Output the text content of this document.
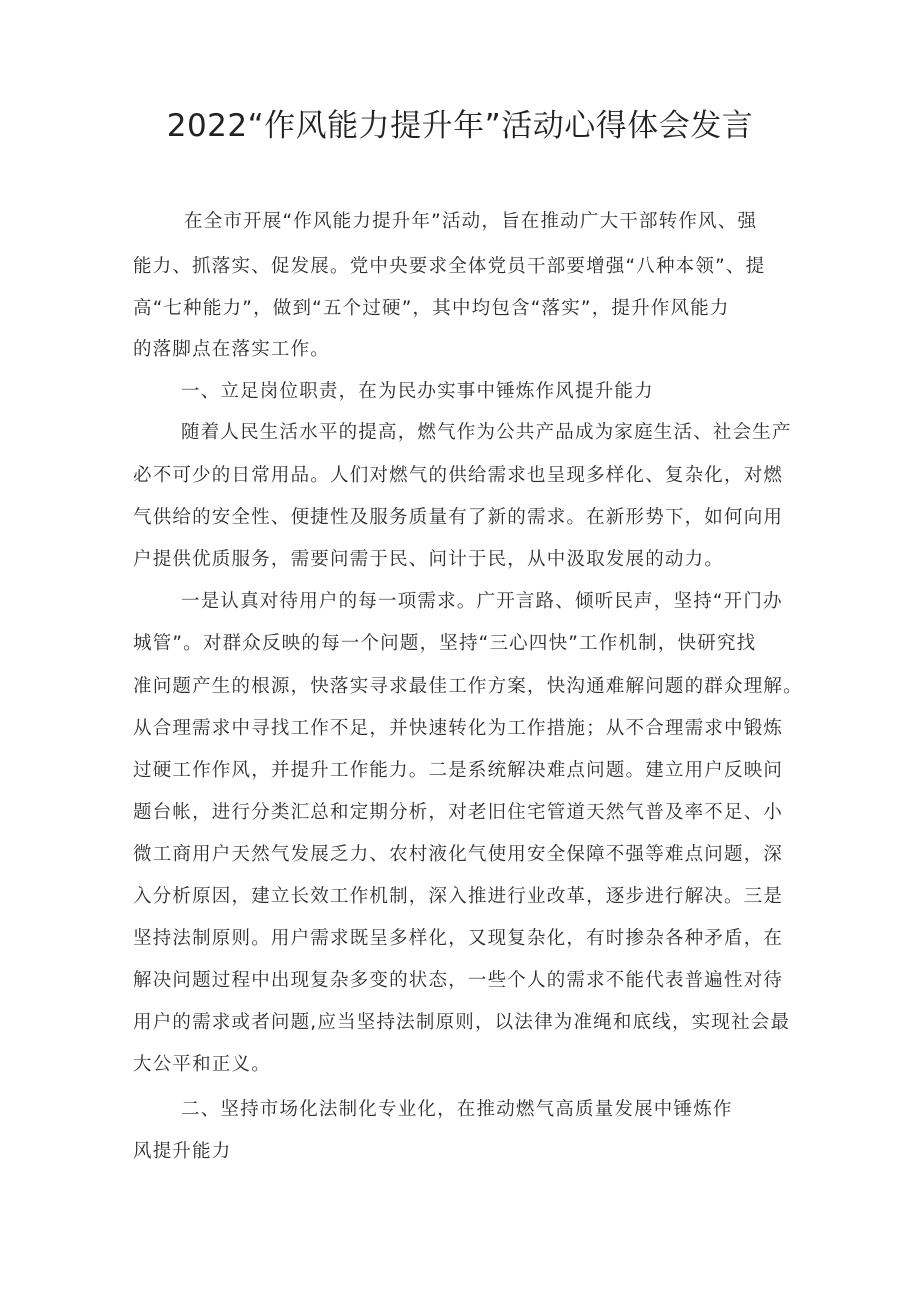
2022“作风能力提升年”活动心得体会发言
在全市开展“作风能力提升年”活动，旨在推动广大干部转作风、强
能力、抓落实、促发展。党中央要求全体党员干部要增强“八种本领”、提
高“七种能力”，做到“五个过硬”，其中均包含“落实”，提升作风能力
的落脚点在落实工作。
一、立足岗位职责，在为民办实事中锤炼作风提升能力
随着人民生活水平的提高，燃气作为公共产品成为家庭生活、社会生产
必不可少的日常用品。人们对燃气的供给需求也呈现多样化、复杂化，对燃
气供给的安全性、便捷性及服务质量有了新的需求。在新形势下，如何向用
户提供优质服务，需要问需于民、问计于民，从中汲取发展的动力。
一是认真对待用户的每一项需求。广开言路、倾听民声，坚持“开门办
城管”。对群众反映的每一个问题，坚持“三心四快”工作机制，快研究找
准问题产生的根源，快落实寻求最佳工作方案，快沟通难解问题的群众理解。
从合理需求中寻找工作不足，并快速转化为工作措施；从不合理需求中锻炼
过硬工作作风，并提升工作能力。二是系统解决难点问题。建立用户反映问
题台帐，进行分类汇总和定期分析，对老旧住宅管道天然气普及率不足、小
微工商用户天然气发展乏力、农村液化气使用安全保障不强等难点问题，深
入分析原因，建立长效工作机制，深入推进行业改革，逐步进行解决。三是
坚持法制原则。用户需求既呈多样化，又现复杂化，有时掺杂各种矛盾，在
解决问题过程中出现复杂多变的状态，一些个人的需求不能代表普遍性对待
用户的需求或者问题,应当坚持法制原则，以法律为准绳和底线，实现社会最
大公平和正义。
二、坚持市场化法制化专业化，在推动燃气高质量发展中锤炼作
风提升能力
